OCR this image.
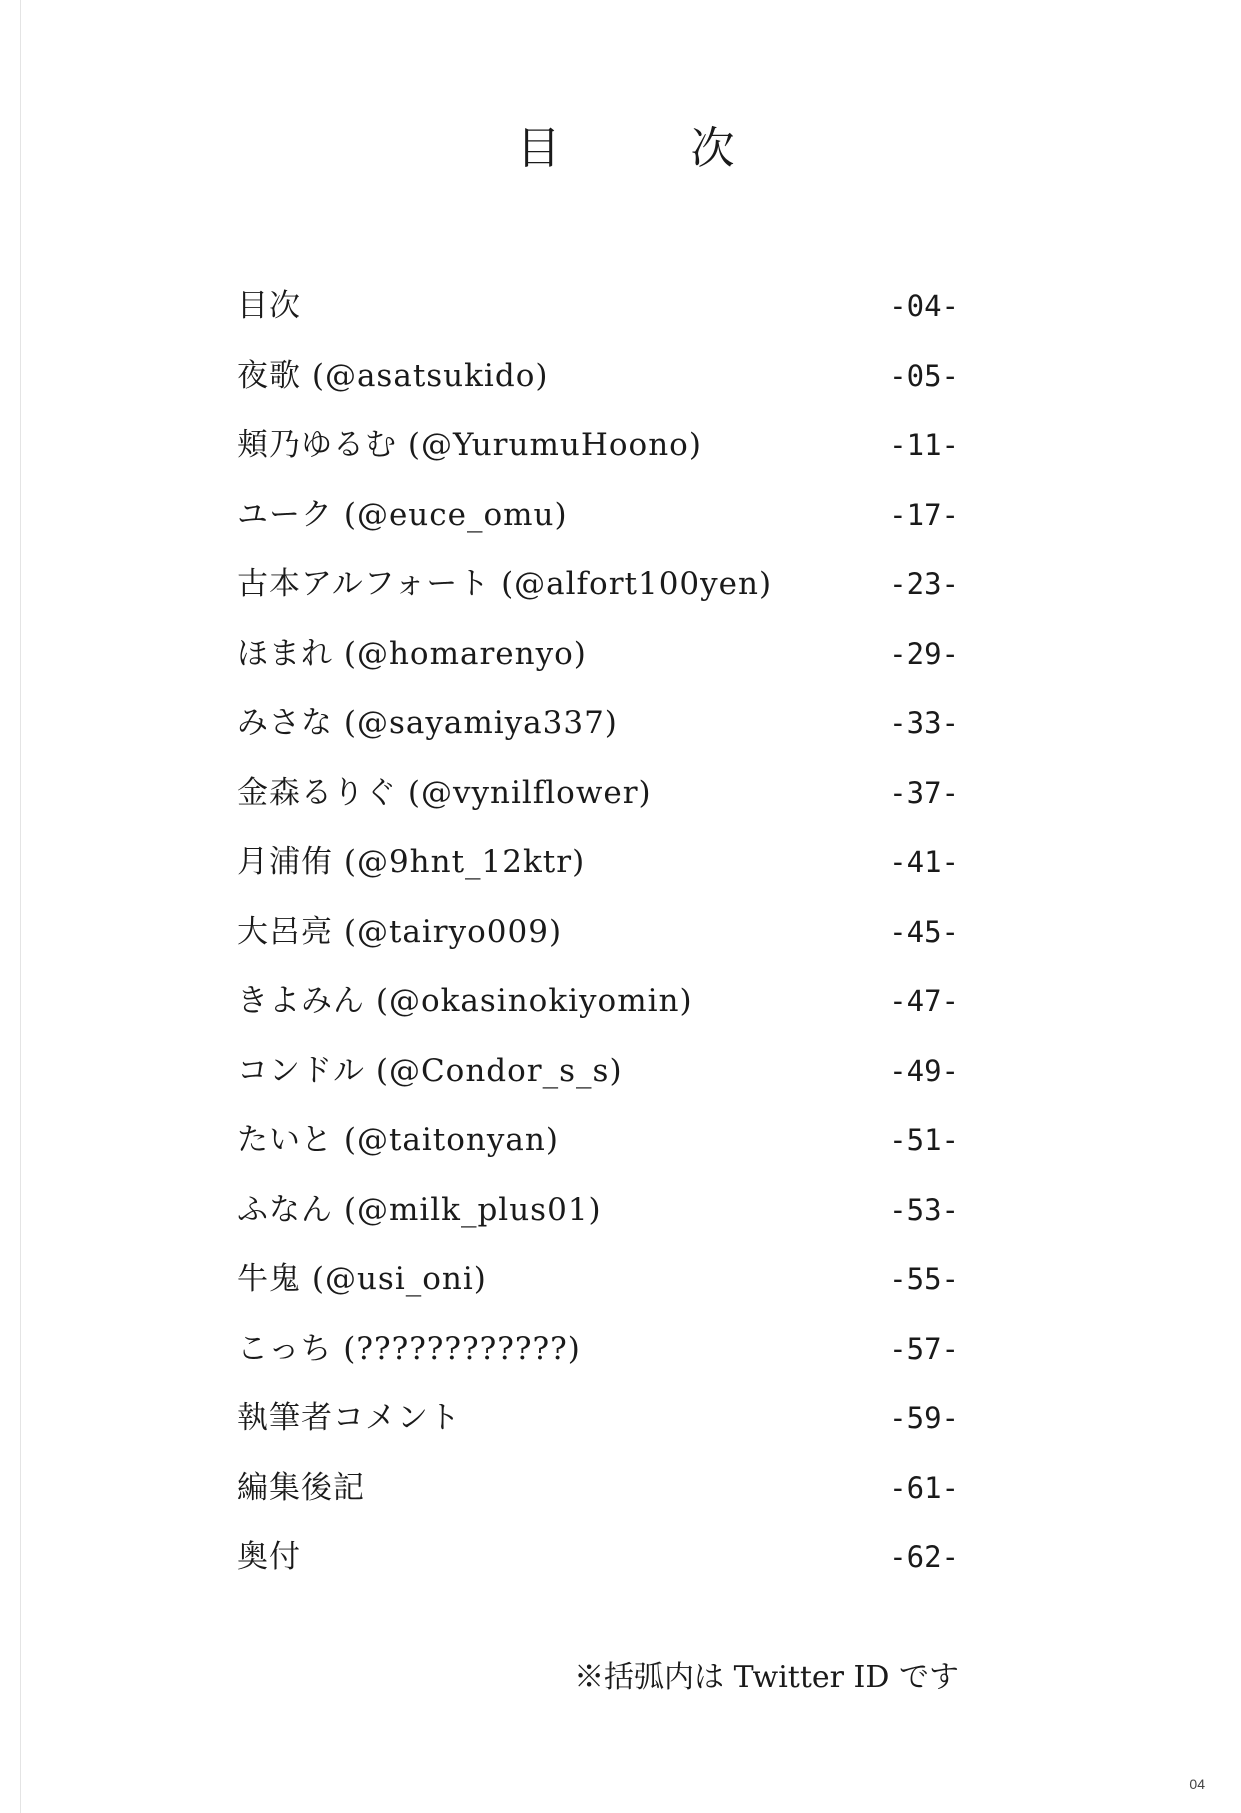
目	次
目次	-04-
夜歌 (@asatsukido)	-05-
頬乃ゆるむ (@YurumuHoono)	-11-
ユーク (@euce_omu)	-17-
古本アルフォート (@alfort100yen)	-23-
ほまれ (@homarenyo)	-29-
みさな (@sayamiya337)	-33-
金森るりぐ (@vynilflower)	-37-
月浦侑 (@9hnt_12ktr)	-41-
大呂亮 (@tairyo009)	-45-
きよみん (@okasinokiyomin)	-47-
コンドル (@Condor_s_s)	-49-
たいと (@taitonyan)	-51-
ふなん (@milk_plus01)	-53-
牛鬼 (@usi_oni)	-55-
こっち (????????????)	-57-
執筆者コメント	-59-
編集後記	-61-
奥付	-62-
※括弧内は Twitter ID です
04
